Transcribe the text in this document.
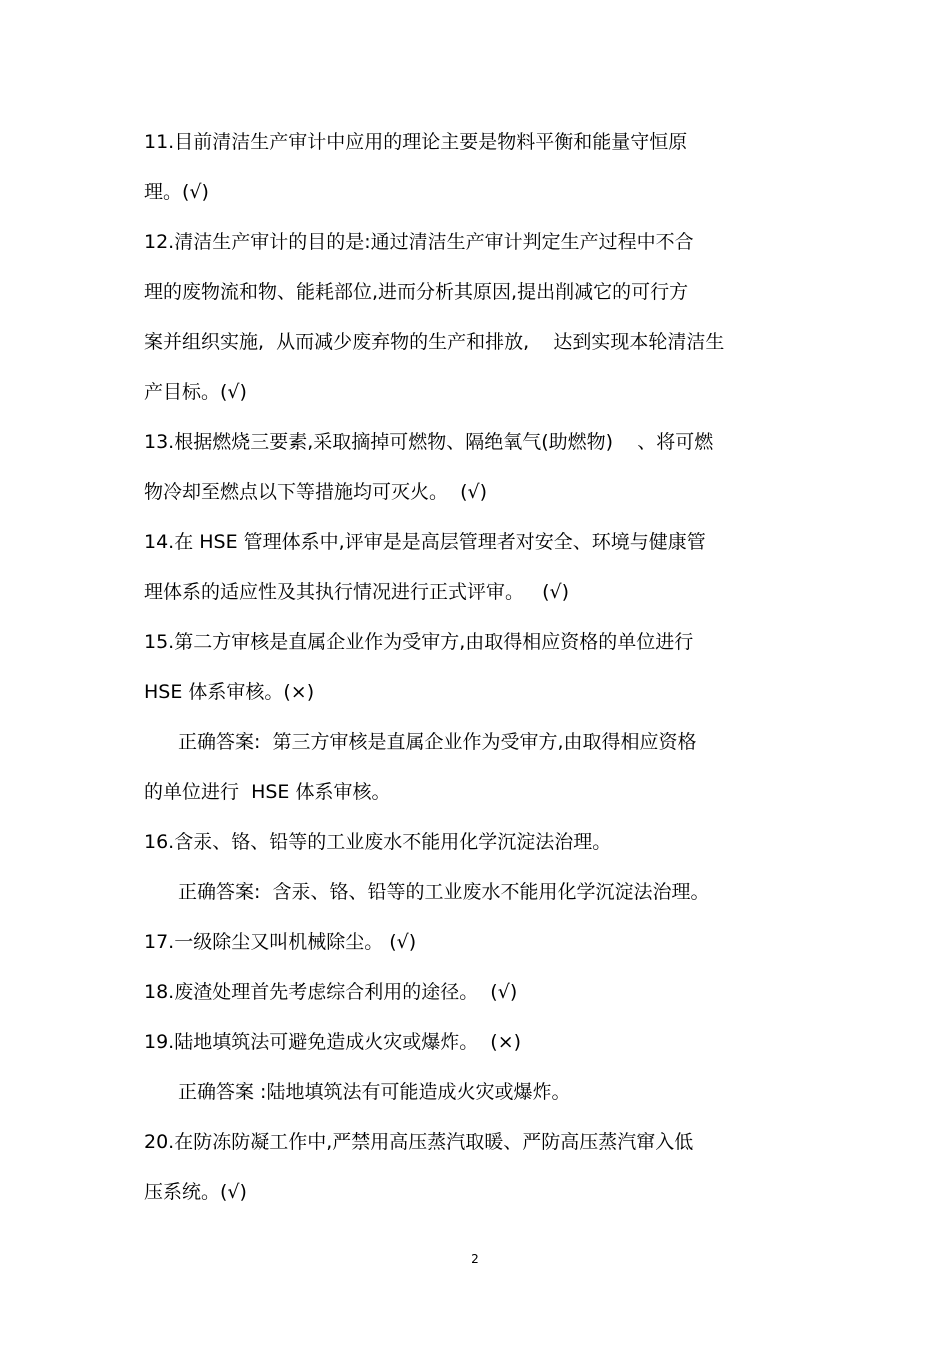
11.目前清洁生产审计中应用的理论主要是物料平衡和能量守恒原

理。(√)

12.清洁生产审计的目的是:通过清洁生产审计判定生产过程中不合

理的废物流和物、能耗部位,进而分析其原因,提出削减它的可行方

案并组织实施,  从而减少废弃物的生产和排放,    达到实现本轮清洁生

产目标。(√)

13.根据燃烧三要素,采取摘掉可燃物、隔绝氧气(助燃物)    、将可燃

物冷却至燃点以下等措施均可灭火。  (√)

14.在 HSE 管理体系中,评审是是高层管理者对安全、环境与健康管

理体系的适应性及其执行情况进行正式评审。   (√)

15.第二方审核是直属企业作为受审方,由取得相应资格的单位进行

HSE 体系审核。(×)

正确答案:  第三方审核是直属企业作为受审方,由取得相应资格

的单位进行  HSE 体系审核。

16.含汞、铬、铅等的工业废水不能用化学沉淀法治理。

正确答案:  含汞、铬、铅等的工业废水不能用化学沉淀法治理。

17.一级除尘又叫机械除尘。 (√)

18.废渣处理首先考虑综合利用的途径。  (√)

19.陆地填筑法可避免造成火灾或爆炸。  (×)

正确答案 :陆地填筑法有可能造成火灾或爆炸。

20.在防冻防凝工作中,严禁用高压蒸汽取暖、严防高压蒸汽窜入低

压系统。(√)

2
